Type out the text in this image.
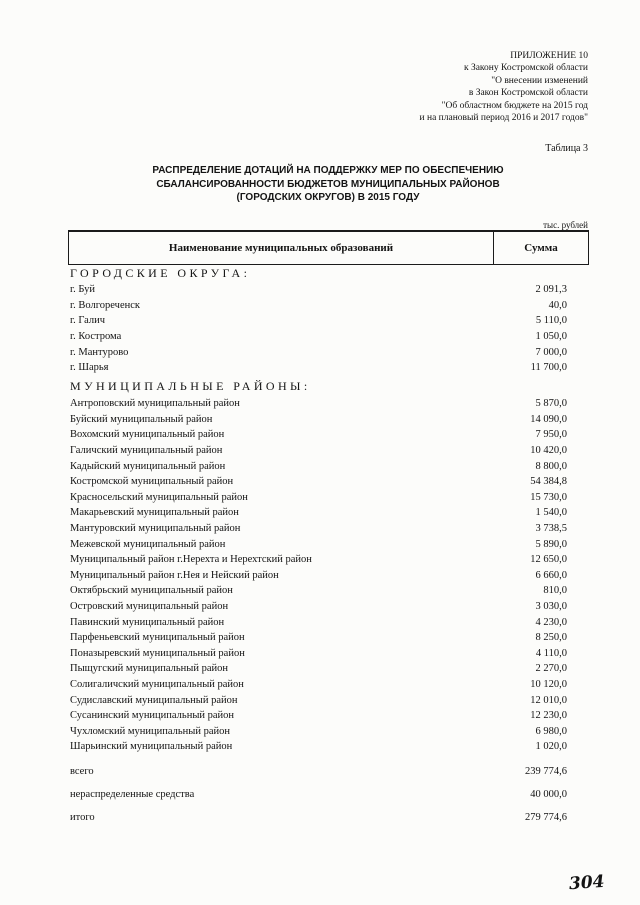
ПРИЛОЖЕНИЕ 10
к Закону Костромской области
"О внесении изменений
в Закон Костромской области
"Об областном бюджете на 2015 год
и на плановый период 2016 и 2017 годов"
Таблица 3
РАСПРЕДЕЛЕНИЕ ДОТАЦИЙ НА ПОДДЕРЖКУ МЕР ПО ОБЕСПЕЧЕНИЮ
СБАЛАНСИРОВАННОСТИ БЮДЖЕТОВ МУНИЦИПАЛЬНЫХ РАЙОНОВ
(ГОРОДСКИХ ОКРУГОВ) В 2015 ГОДУ
тыс. рублей
Наименование муниципальных образований	Сумма
ГОРОДСКИЕ ОКРУГА:
г. Буй	2 091,3
г. Волгореченск	40,0
г. Галич	5 110,0
г. Кострома	1 050,0
г. Мантурово	7 000,0
г. Шарья	11 700,0
МУНИЦИПАЛЬНЫЕ РАЙОНЫ:
Антроповский муниципальный район	5 870,0
Буйский муниципальный район	14 090,0
Вохомский муниципальный район	7 950,0
Галичский муниципальный район	10 420,0
Кадыйский муниципальный район	8 800,0
Костромской муниципальный район	54 384,8
Красносельский муниципальный район	15 730,0
Макарьевский муниципальный район	1 540,0
Мантуровский муниципальный район	3 738,5
Межевской муниципальный район	5 890,0
Муниципальный район г.Нерехта и Нерехтский район	12 650,0
Муниципальный район г.Нея и Нейский район	6 660,0
Октябрьский муниципальный район	810,0
Островский муниципальный район	3 030,0
Павинский муниципальный район	4 230,0
Парфеньевский муниципальный район	8 250,0
Поназыревский муниципальный район	4 110,0
Пыщугский муниципальный район	2 270,0
Солигаличский муниципальный район	10 120,0
Судиславский муниципальный район	12 010,0
Сусанинский муниципальный район	12 230,0
Чухломский муниципальный район	6 980,0
Шарьинский муниципальный район	1 020,0
всего	239 774,6
нераспределенные средства	40 000,0
итого	279 774,6
304
